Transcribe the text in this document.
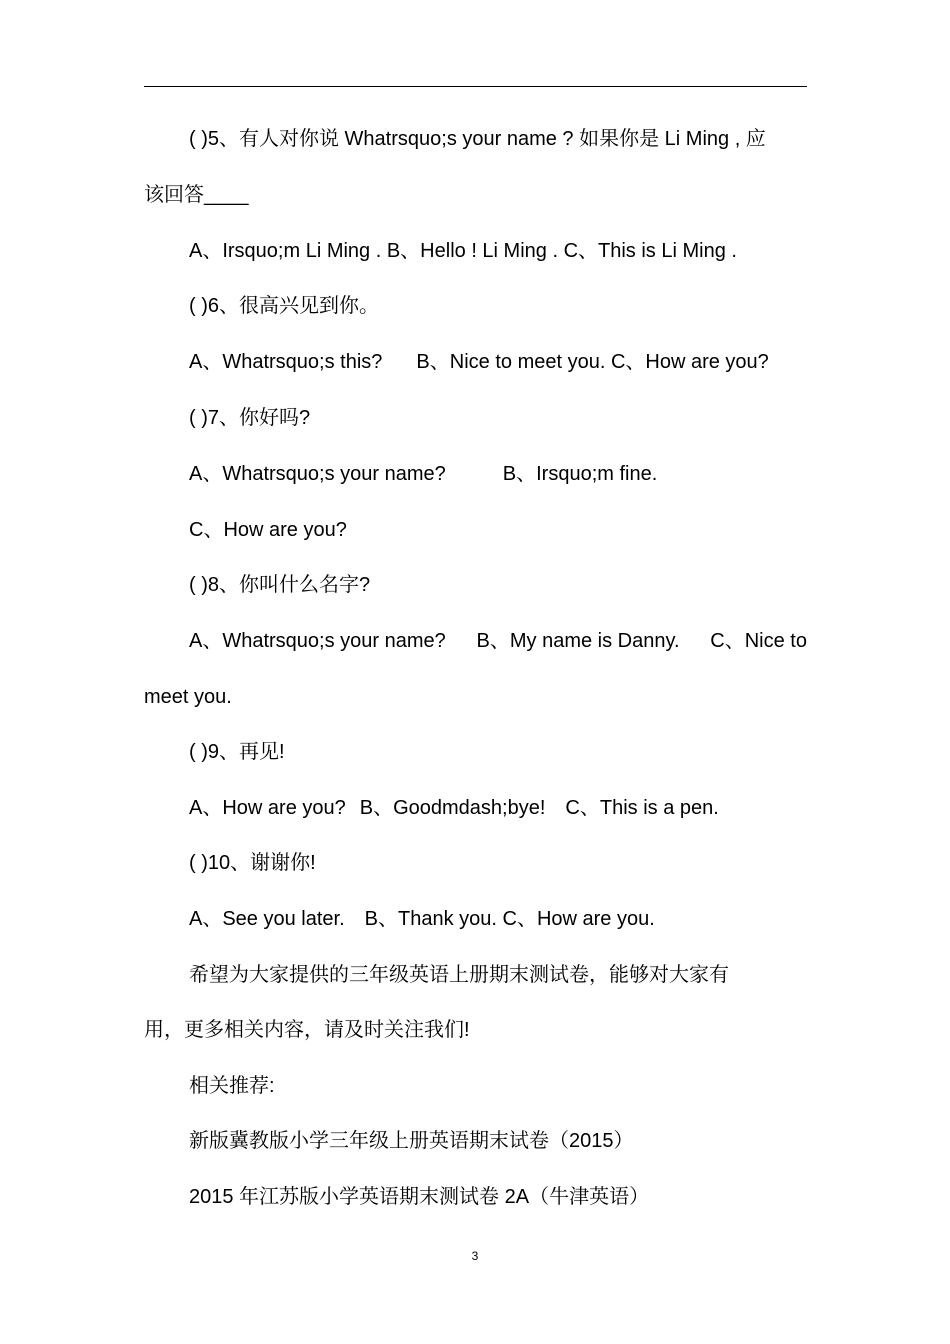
( )5、有人对你说 Whatrsquo;s your name ? 如果你是 Li Ming , 应
该回答____
A、Irsquo;m Li Ming . B、Hello ! Li Ming . C、This is Li Ming .
( )6、很高兴见到你。
A、Whatrsquo;s this? B、Nice to meet you. C、How are you?
( )7、你好吗?
A、Whatrsquo;s your name?	B、Irsquo;m fine.
C、How are you?
( )8、你叫什么名字?
A、Whatrsquo;s your name? B、My name is Danny. C、Nice to
meet you.
( )9、再见!
A、How are you? B、Goodmdash;bye! C、This is a pen.
( )10、谢谢你!
A、See you later. B、Thank you. C、How are you.
希望为大家提供的三年级英语上册期末测试卷，能够对大家有
用，更多相关内容，请及时关注我们!
相关推荐:
新版冀教版小学三年级上册英语期末试卷（2015）
2015 年江苏版小学英语期末测试卷 2A（牛津英语）
3
